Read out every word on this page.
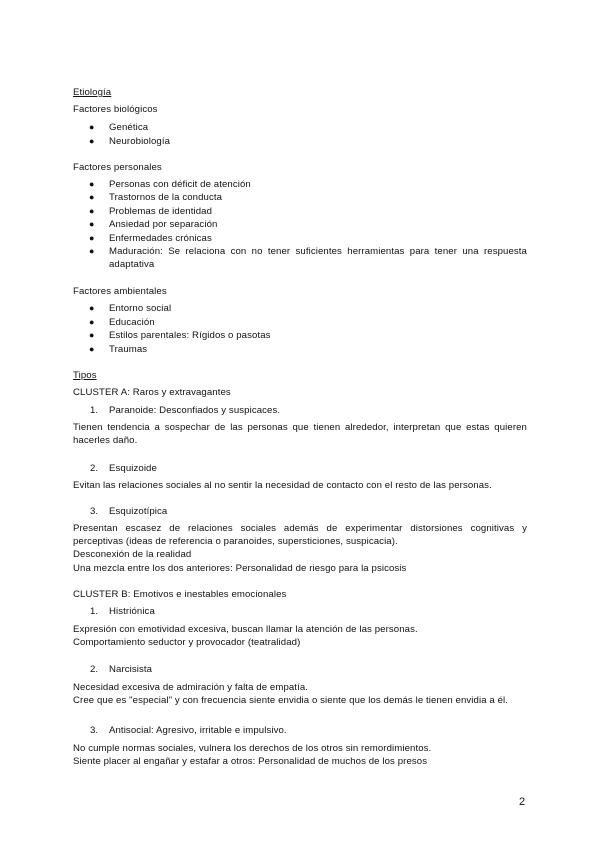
Etiología
Factores biológicos
● Genética
● Neurobiología
Factores personales
● Personas con déficit de atención
● Trastornos de la conducta
● Problemas de identidad
● Ansiedad por separación
● Enfermedades crónicas
● Maduración: Se relaciona con no tener suficientes herramientas para tener una respuesta adaptativa
Factores ambientales
● Entorno social
● Educación
● Estilos parentales: Rígidos o pasotas
● Traumas
Tipos
CLUSTER A: Raros y extravagantes
1. Paranoide: Desconfiados y suspicaces.
Tienen tendencia a sospechar de las personas que tienen alrededor, interpretan que estas quieren hacerles daño.
2. Esquizoide
Evitan las relaciones sociales al no sentir la necesidad de contacto con el resto de las personas.
3. Esquizotípica
Presentan escasez de relaciones sociales además de experimentar distorsiones cognitivas y perceptivas (ideas de referencia o paranoides, supersticiones, suspicacia).
Desconexión de la realidad
Una mezcla entre los dos anteriores: Personalidad de riesgo para la psicosis
CLUSTER B: Emotivos e inestables emocionales
1. Histriónica
Expresión con emotividad excesiva, buscan llamar la atención de las personas.
Comportamiento seductor y provocador (teatralidad)
2. Narcisista
Necesidad excesiva de admiración y falta de empatía.
Cree que es "especial" y con frecuencia siente envidia o siente que los demás le tienen envidia a él.
3. Antisocial: Agresivo, irritable e impulsivo.
No cumple normas sociales, vulnera los derechos de los otros sin remordimientos.
Siente placer al engañar y estafar a otros: Personalidad de muchos de los presos
2
